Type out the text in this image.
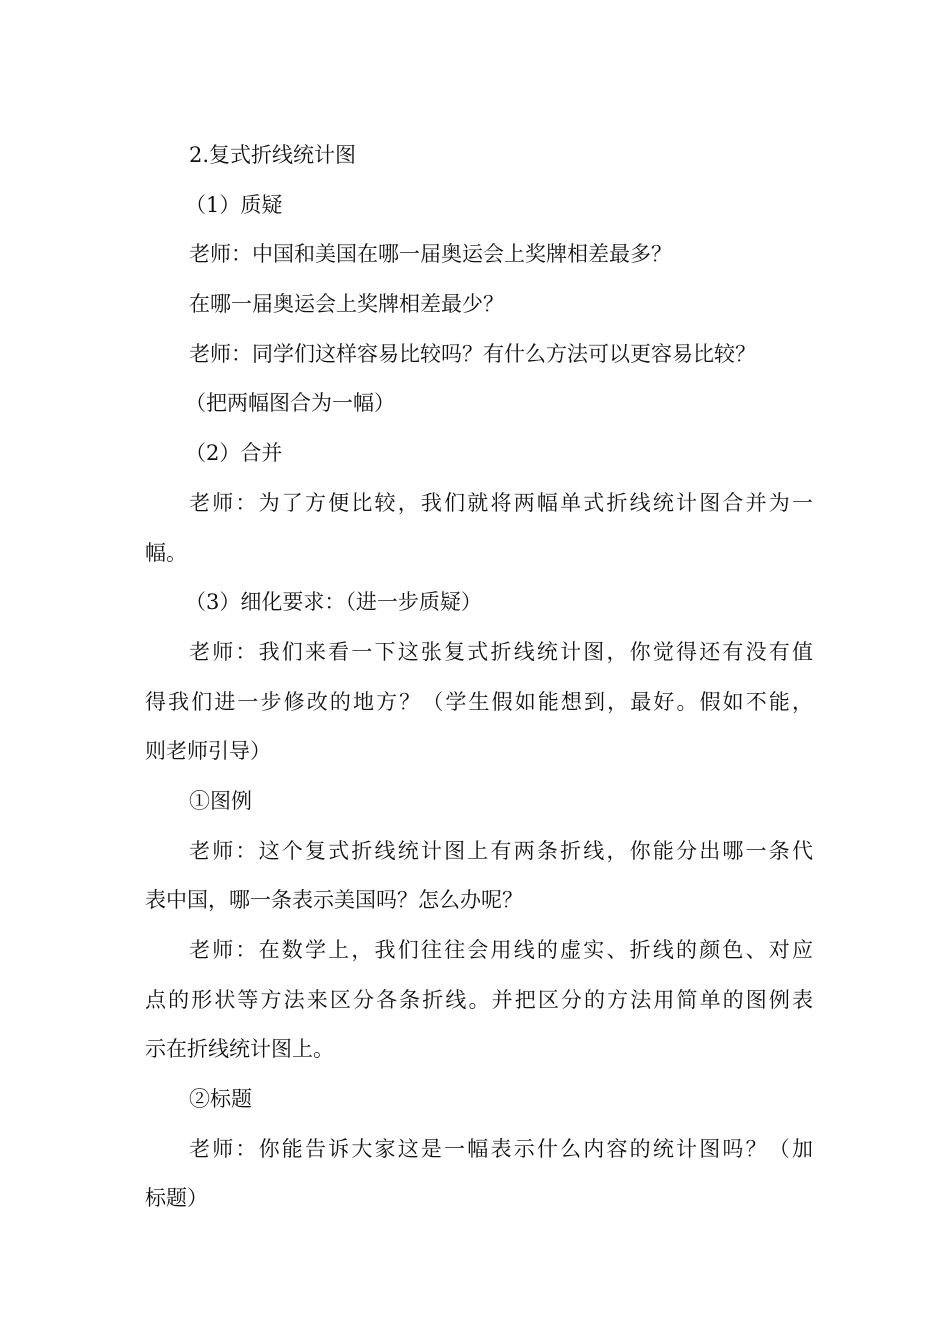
2.复式折线统计图
（1）质疑
老师：中国和美国在哪一届奥运会上奖牌相差最多？
在哪一届奥运会上奖牌相差最少？
老师：同学们这样容易比较吗？有什么方法可以更容易比较？
（把两幅图合为一幅）
（2）合并
老师：为了方便比较，我们就将两幅单式折线统计图合并为一
幅。
（3）细化要求：（进一步质疑）
老师：我们来看一下这张复式折线统计图，你觉得还有没有值
得我们进一步修改的地方？（学生假如能想到，最好。假如不能，
则老师引导）
①图例
老师：这个复式折线统计图上有两条折线，你能分出哪一条代
表中国，哪一条表示美国吗？怎么办呢？
老师：在数学上，我们往往会用线的虚实、折线的颜色、对应
点的形状等方法来区分各条折线。并把区分的方法用简单的图例表
示在折线统计图上。
②标题
老师：你能告诉大家这是一幅表示什么内容的统计图吗？（加
标题）
